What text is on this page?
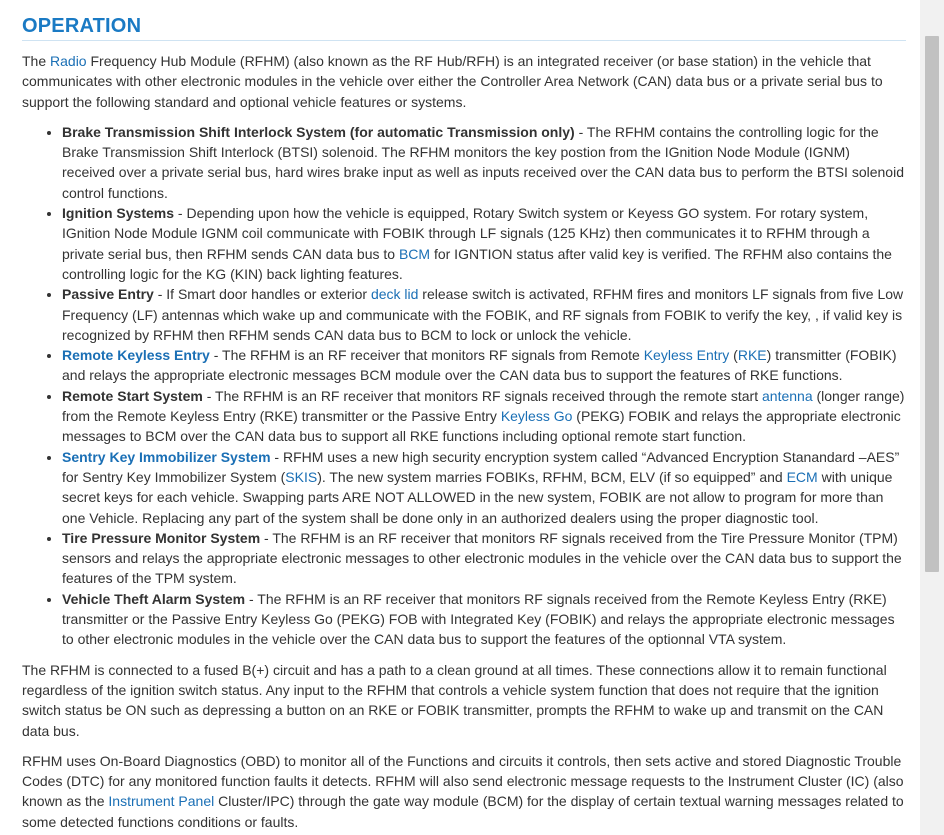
OPERATION

The Radio Frequency Hub Module (RFHM) (also known as the RF Hub/RFH) is an integrated receiver (or base station) in the vehicle that communicates with other electronic modules in the vehicle over either the Controller Area Network (CAN) data bus or a private serial bus to support the following standard and optional vehicle features or systems.

• Brake Transmission Shift Interlock System (for automatic Transmission only) - The RFHM contains the controlling logic for the Brake Transmission Shift Interlock (BTSI) solenoid. The RFHM monitors the key postion from the IGnition Node Module (IGNM) received over a private serial bus, hard wires brake input as well as inputs received over the CAN data bus to perform the BTSI solenoid control functions.
• Ignition Systems - Depending upon how the vehicle is equipped, Rotary Switch system or Keyess GO system. For rotary system, IGnition Node Module IGNM coil communicate with FOBIK through LF signals (125 KHz) then communicates it to RFHM through a private serial bus, then RFHM sends CAN data bus to BCM for IGNTION status after valid key is verified. The RFHM also contains the controlling logic for the KG (KIN) back lighting features.
• Passive Entry - If Smart door handles or exterior deck lid release switch is activated, RFHM fires and monitors LF signals from five Low Frequency (LF) antennas which wake up and communicate with the FOBIK, and RF signals from FOBIK to verify the key, , if valid key is recognized by RFHM then RFHM sends CAN data bus to BCM to lock or unlock the vehicle.
• Remote Keyless Entry - The RFHM is an RF receiver that monitors RF signals from Remote Keyless Entry (RKE) transmitter (FOBIK) and relays the appropriate electronic messages BCM module over the CAN data bus to support the features of RKE functions.
• Remote Start System - The RFHM is an RF receiver that monitors RF signals received through the remote start antenna (longer range) from the Remote Keyless Entry (RKE) transmitter or the Passive Entry Keyless Go (PEKG) FOBIK and relays the appropriate electronic messages to BCM over the CAN data bus to support all RKE functions including optional remote start function.
• Sentry Key Immobilizer System - RFHM uses a new high security encryption system called “Advanced Encryption Stanandard –AES” for Sentry Key Immobilizer System (SKIS). The new system marries FOBIKs, RFHM, BCM, ELV (if so equipped” and ECM with unique secret keys for each vehicle. Swapping parts ARE NOT ALLOWED in the new system, FOBIK are not allow to program for more than one Vehicle. Replacing any part of the system shall be done only in an authorized dealers using the proper diagnostic tool.
• Tire Pressure Monitor System - The RFHM is an RF receiver that monitors RF signals received from the Tire Pressure Monitor (TPM) sensors and relays the appropriate electronic messages to other electronic modules in the vehicle over the CAN data bus to support the features of the TPM system.
• Vehicle Theft Alarm System - The RFHM is an RF receiver that monitors RF signals received from the Remote Keyless Entry (RKE) transmitter or the Passive Entry Keyless Go (PEKG) FOB with Integrated Key (FOBIK) and relays the appropriate electronic messages to other electronic modules in the vehicle over the CAN data bus to support the features of the optionnal VTA system.

The RFHM is connected to a fused B(+) circuit and has a path to a clean ground at all times. These connections allow it to remain functional regardless of the ignition switch status. Any input to the RFHM that controls a vehicle system function that does not require that the ignition switch status be ON such as depressing a button on an RKE or FOBIK transmitter, prompts the RFHM to wake up and transmit on the CAN data bus.

RFHM uses On-Board Diagnostics (OBD) to monitor all of the Functions and circuits it controls, then sets active and stored Diagnostic Trouble Codes (DTC) for any monitored function faults it detects. RFHM will also send electronic message requests to the Instrument Cluster (IC) (also known as the Instrument Panel Cluster/IPC) through the gate way module (BCM) for the display of certain textual warning messages related to some detected functions conditions or faults.
